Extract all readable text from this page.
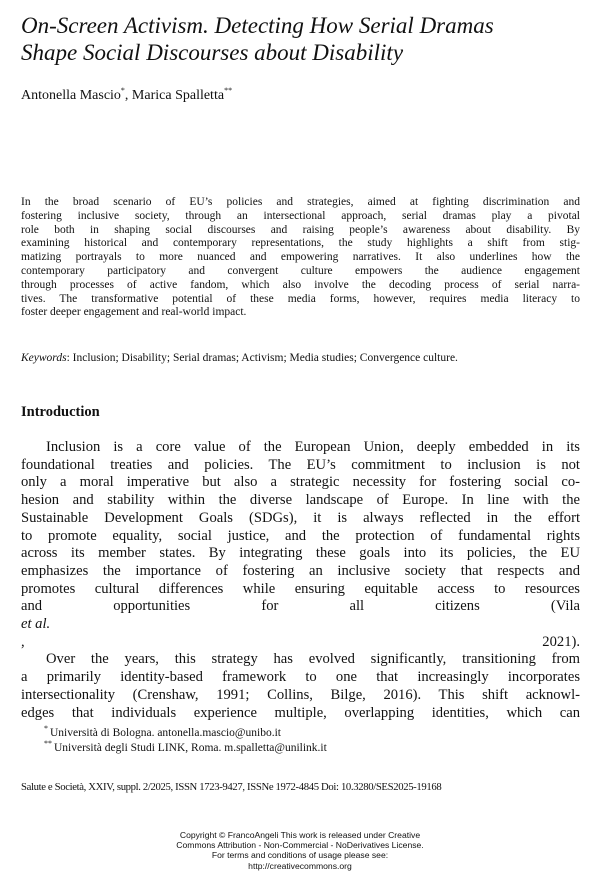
On-Screen Activism. Detecting How Serial Dramas
Shape Social Discourses about Disability
Antonella Mascio*, Marica Spalletta**
In the broad scenario of EU’s policies and strategies, aimed at fighting discrimination and
fostering inclusive society, through an intersectional approach, serial dramas play a pivotal
role both in shaping social discourses and raising people’s awareness about disability. By
examining historical and contemporary representations, the study highlights a shift from stig-
matizing portrayals to more nuanced and empowering narratives. It also underlines how the
contemporary participatory and convergent culture empowers the audience engagement
through processes of active fandom, which also involve the decoding process of serial narra-
tives. The transformative potential of these media forms, however, requires media literacy to
foster deeper engagement and real-world impact.
Keywords: Inclusion; Disability; Serial dramas; Activism; Media studies; Convergence culture.
Introduction
Inclusion is a core value of the European Union, deeply embedded in its
foundational treaties and policies. The EU’s commitment to inclusion is not
only a moral imperative but also a strategic necessity for fostering social co-
hesion and stability within the diverse landscape of Europe. In line with the
Sustainable Development Goals (SDGs), it is always reflected in the effort
to promote equality, social justice, and the protection of fundamental rights
across its member states. By integrating these goals into its policies, the EU
emphasizes the importance of fostering an inclusive society that respects and
promotes cultural differences while ensuring equitable access to resources
and opportunities for all citizens (Vila
et al.
, 2021).
Over the years, this strategy has evolved significantly, transitioning from
a primarily identity-based framework to one that increasingly incorporates
intersectionality (Crenshaw, 1991; Collins, Bilge, 2016). This shift acknowl-
edges that individuals experience multiple, overlapping identities, which can
* Università di Bologna. antonella.mascio@unibo.it
** Università degli Studi LINK, Roma. m.spalletta@unilink.it
Salute e Società, XXIV, suppl. 2/2025, ISSN 1723-9427, ISSNe 1972-4845 Doi: 10.3280/SES2025-19168
Copyright © FrancoAngeli This work is released under Creative
Commons Attribution - Non-Commercial - NoDerivatives License.
For terms and conditions of usage please see:
http://creativecommons.org
